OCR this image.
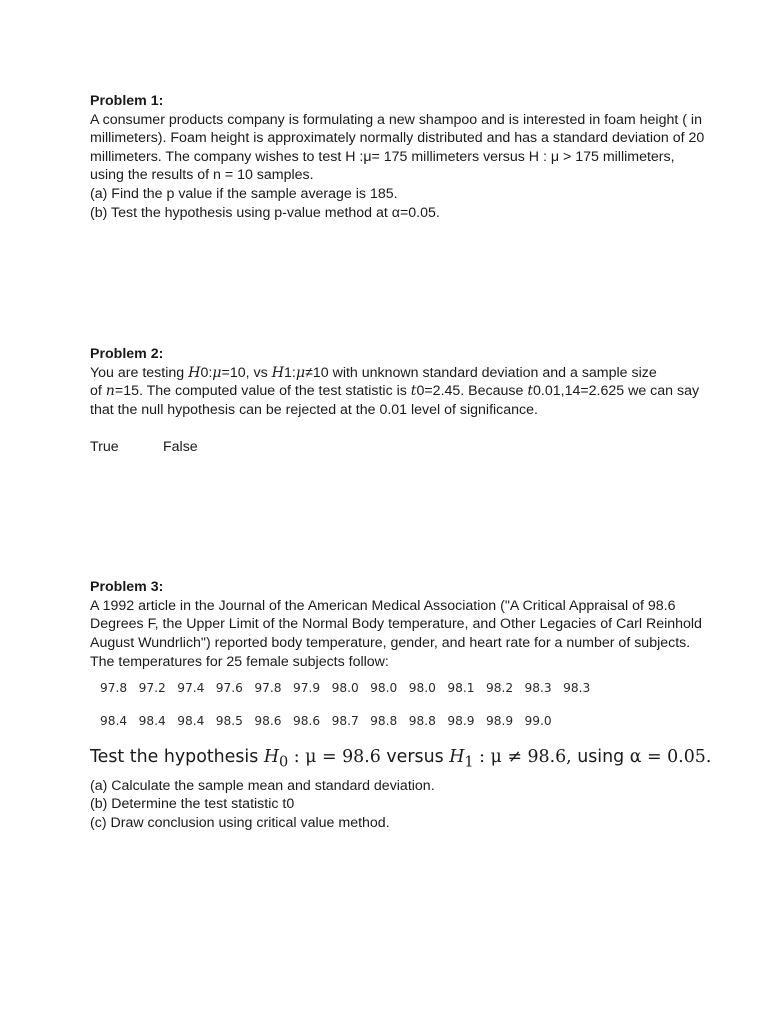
Problem 1:
A consumer products company is formulating a new shampoo and is interested in foam height ( in
millimeters). Foam height is approximately normally distributed and has a standard deviation of 20
millimeters. The company wishes to test H :μ= 175 millimeters versus H : μ > 175 millimeters,
using the results of n = 10 samples.
(a) Find the p value if the sample average is 185.
(b) Test the hypothesis using p-value method at α=0.05.
Problem 2:
You are testing H0:μ=10, vs H1:μ≠10 with unknown standard deviation and a sample size
of n=15. The computed value of the test statistic is t0=2.45. Because t0.01,14=2.625 we can say
that the null hypothesis can be rejected at the 0.01 level of significance.
True	False
Problem 3:
A 1992 article in the Journal of the American Medical Association ("A Critical Appraisal of 98.6
Degrees F, the Upper Limit of the Normal Body temperature, and Other Legacies of Carl Reinhold
August Wundrlich") reported body temperature, gender, and heart rate for a number of subjects.
The temperatures for 25 female subjects follow:
97.8 97.2 97.4 97.6 97.8 97.9 98.0 98.0 98.0 98.1 98.2 98.3 98.3
98.4 98.4 98.4 98.5 98.6 98.6 98.7 98.8 98.8 98.9 98.9 99.0
Test the hypothesis $H_0$ : μ = 98.6 versus $H_1$ : μ ≠ 98.6, using α = 0.05.
(a) Calculate the sample mean and standard deviation.
(b) Determine the test statistic t0
(c) Draw conclusion using critical value method.
